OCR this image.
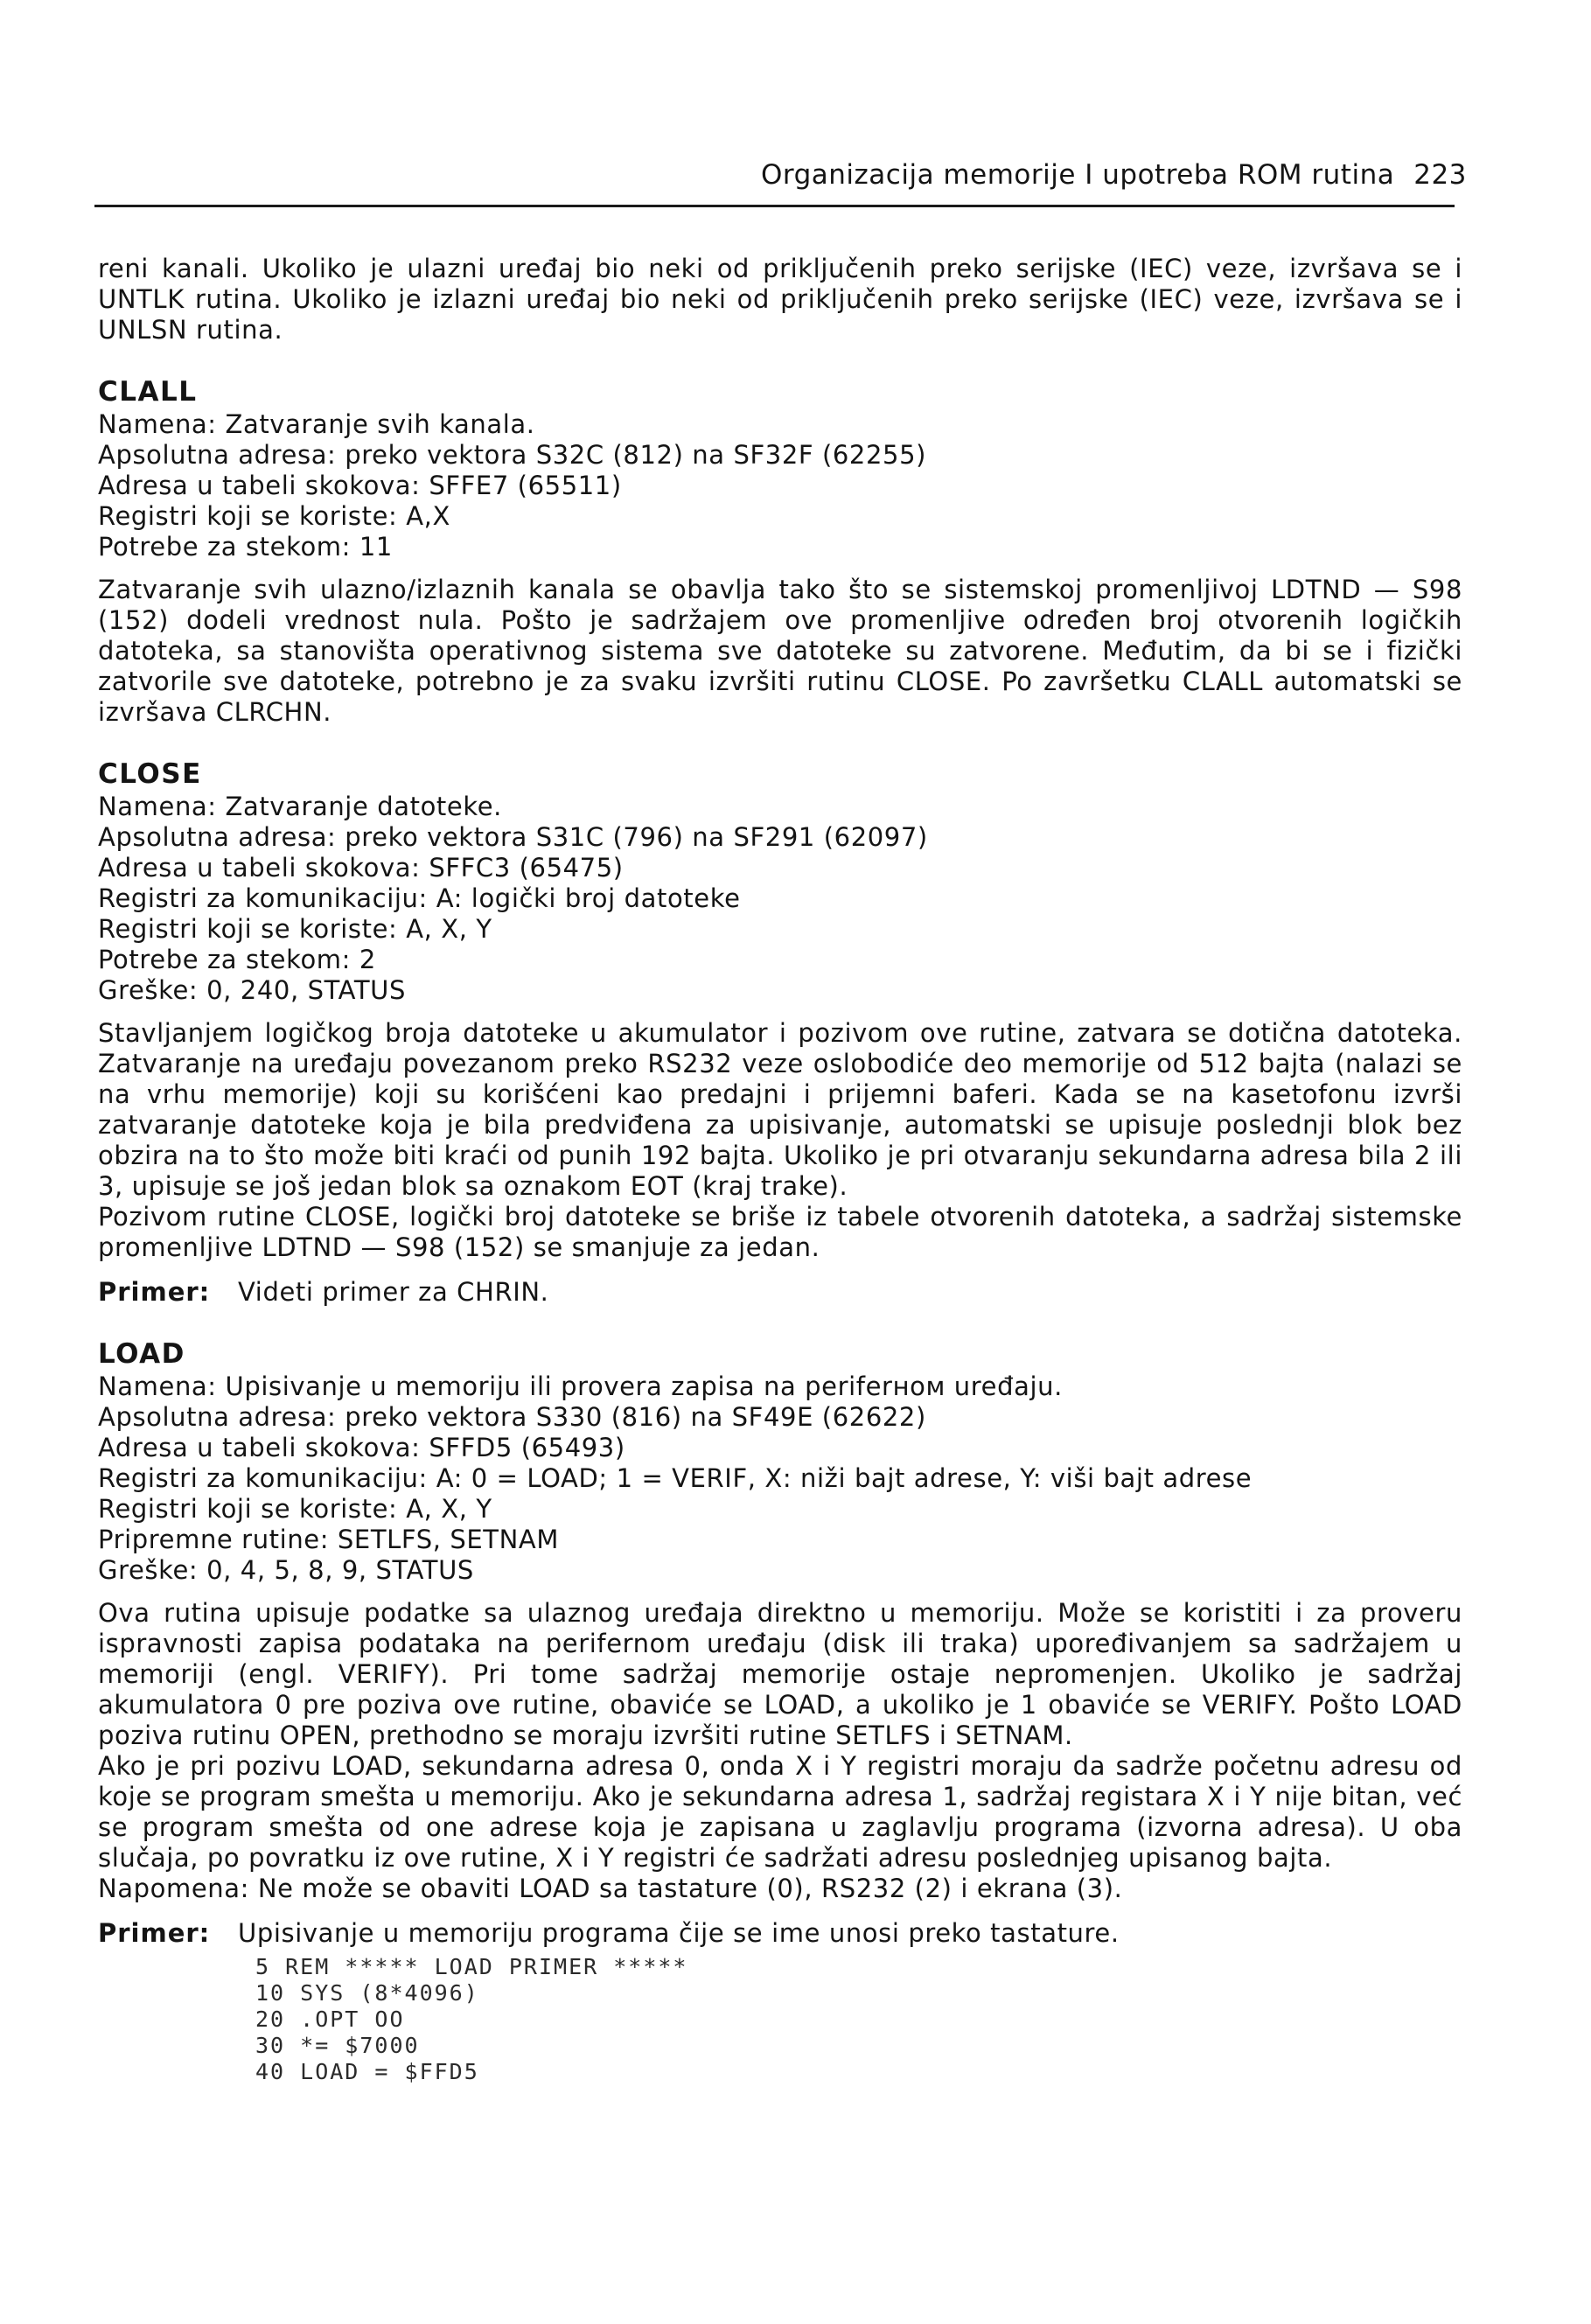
Organizacija memorije I upotreba ROM rutina 223

reni kanali. Ukoliko je ulazni uređaj bio neki od priključenih preko serijske (IEC) veze, izvršava se i UNTLK rutina. Ukoliko je izlazni uređaj bio neki od priključenih preko serijske (IEC) veze, izvršava se i UNLSN rutina.

CLALL
Namena: Zatvaranje svih kanala.
Apsolutna adresa: preko vektora S32C (812) na SF32F (62255)
Adresa u tabeli skokova: SFFE7 (65511)
Registri koji se koriste: A,X
Potrebe za stekom: 11

Zatvaranje svih ulazno/izlaznih kanala se obavlja tako što se sistemskoj promenljivoj LDTND — S98 (152) dodeli vrednost nula. Pošto je sadržajem ove promenljive određen broj otvorenih logičkih datoteka, sa stanovišta operativnog sistema sve datoteke su zatvorene. Međutim, da bi se i fizički zatvorile sve datoteke, potrebno je za svaku izvršiti rutinu CLOSE. Po završetku CLALL automatski se izvršava CLRCHN.

CLOSE
Namena: Zatvaranje datoteke.
Apsolutna adresa: preko vektora S31C (796) na SF291 (62097)
Adresa u tabeli skokova: SFFC3 (65475)
Registri za komunikaciju: A: logički broj datoteke
Registri koji se koriste: A, X, Y
Potrebe za stekom: 2
Greške: 0, 240, STATUS

Stavljanjem logičkog broja datoteke u akumulator i pozivom ove rutine, zatvara se dotična datoteka. Zatvaranje na uređaju povezanom preko RS232 veze oslobodiće deo memorije od 512 bajta (nalazi se na vrhu memorije) koji su korišćeni kao predajni i prijemni baferi. Kada se na kasetofonu izvrši zatvaranje datoteke koja je bila predviđena za upisivanje, automatski se upisuje poslednji blok bez obzira na to što može biti kraći od punih 192 bajta. Ukoliko je pri otvaranju sekundarna adresa bila 2 ili 3, upisuje se još jedan blok sa oznakom EOT (kraj trake).

Pozivom rutine CLOSE, logički broj datoteke se briše iz tabele otvorenih datoteka, a sadržaj sistemske promenljive LDTND — S98 (152) se smanjuje za jedan.

Primer: Videti primer za CHRIN.
LOAD
Namena: Upisivanje u memoriju ili provera zapisa na periferном uređaju.
Apsolutna adresa: preko vektora S330 (816) na SF49E (62622)
Adresa u tabeli skokova: SFFD5 (65493)
Registri za komunikaciju: A: 0 = LOAD; 1 = VERIF, X: niži bajt adrese, Y: viši bajt adrese
Registri koji se koriste: A, X, Y
Pripremne rutine: SETLFS, SETNAM
Greške: 0, 4, 5, 8, 9, STATUS

Ova rutina upisuje podatke sa ulaznog uređaja direktno u memoriju. Može se koristiti i za proveru ispravnosti zapisa podataka na perifernom uređaju (disk ili traka) upoređivanjem sa sadržajem u memoriji (engl. VERIFY). Pri tome sadržaj memorije ostaje nepromenjen. Ukoliko je sadržaj akumulatora 0 pre poziva ove rutine, obaviće se LOAD, a ukoliko je 1 obaviće se VERIFY. Pošto LOAD poziva rutinu OPEN, prethodno se moraju izvršiti rutine SETLFS i SETNAM.

Ako je pri pozivu LOAD, sekundarna adresa 0, onda X i Y registri moraju da sadrže početnu adresu od koje se program smešta u memoriju. Ako je sekundarna adresa 1, sadržaj registara X i Y nije bitan, već se program smešta od one adrese koja je zapisana u zaglavlju programa (izvorna adresa). U oba slučaja, po povratku iz ove rutine, X i Y registri će sadržati adresu poslednjeg upisanog bajta.

Napomena: Ne može se obaviti LOAD sa tastature (0), RS232 (2) i ekrana (3).

Primer: Upisivanje u memoriju programa čije se ime unosi preko tastature.
5 REM ***** LOAD PRIMER *****
10 SYS (8*4096)
20 .OPT OO
30 *= $7000
40 LOAD = $FFD5
